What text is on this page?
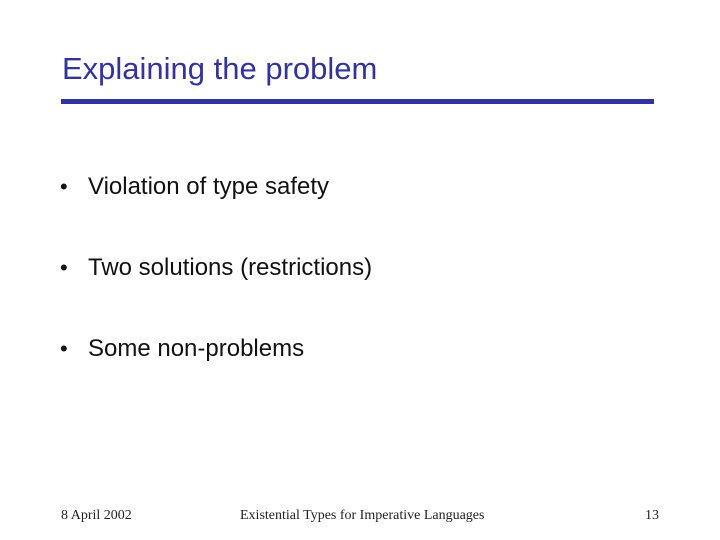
Explaining the problem
• Violation of type safety
• Two solutions (restrictions)
• Some non-problems
8 April 2002	Existential Types for Imperative Languages	13
